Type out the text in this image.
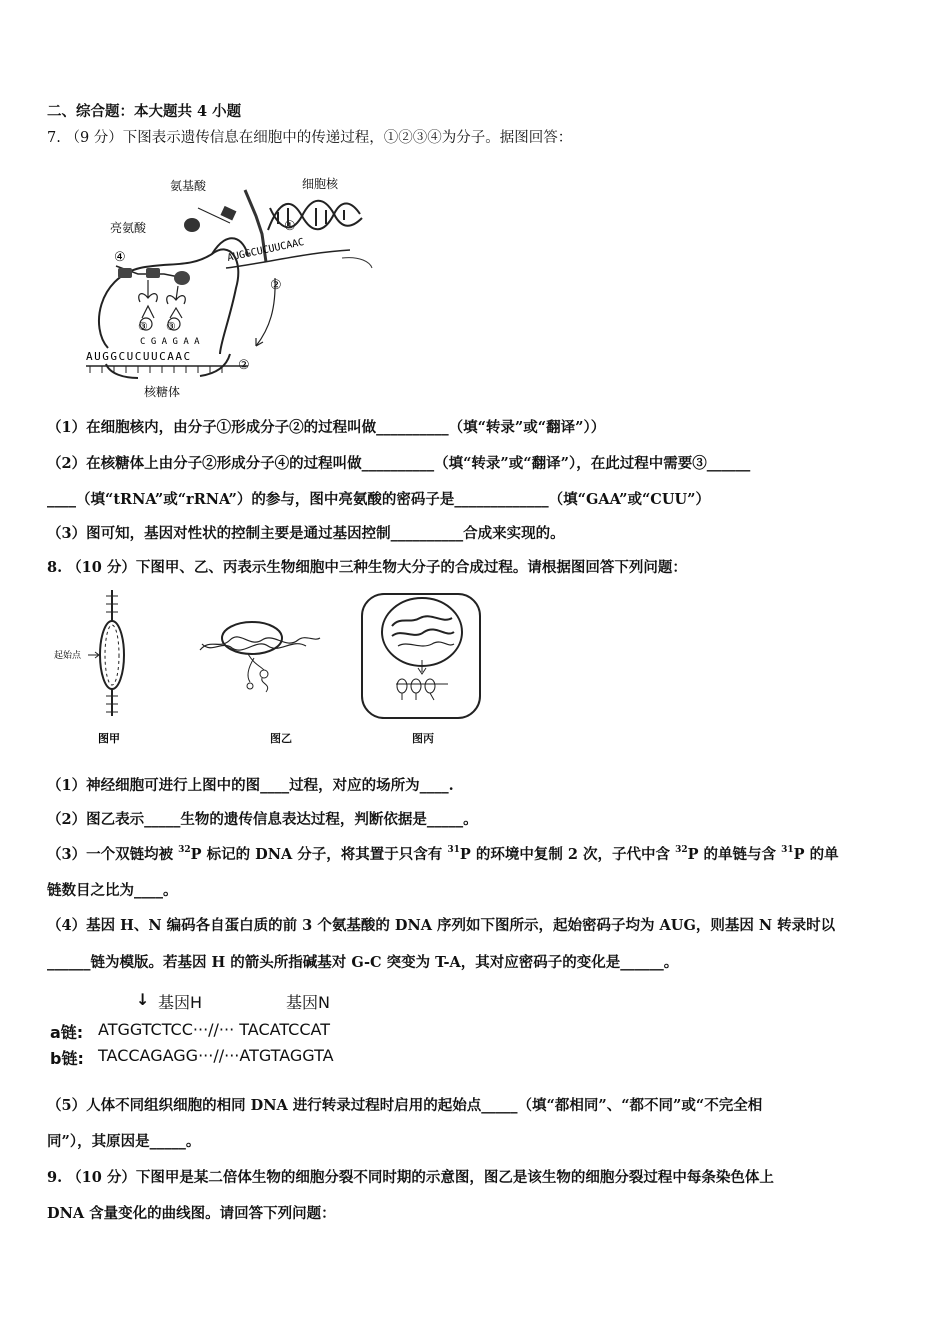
二、综合题：本大题共 4 小题
7. （9 分）下图表示遗传信息在细胞中的传递过程，①②③④为分子。据图回答：
氨基酸	细胞核
亮氨酸
核糖体
①
②
②
④
③ ③
AUGGCUCUUCAAC
C G A G A A
AUGGCUCUUCAAC
（1）在细胞核内，由分子①形成分子②的过程叫做__________（填“转录”或“翻译”））
（2）在核糖体上由分子②形成分子④的过程叫做__________（填“转录”或“翻译”），在此过程中需要③______
____（填“tRNA”或“rRNA”）的参与，图中亮氨酸的密码子是_____________（填“GAA”或“CUU”）
（3）图可知，基因对性状的控制主要是通过基因控制__________合成来实现的。
8. （10 分）下图甲、乙、丙表示生物细胞中三种生物大分子的合成过程。请根据图回答下列问题：
起始点
图甲	图乙	图丙
（1）神经细胞可进行上图中的图____过程，对应的场所为____.
（2）图乙表示_____生物的遗传信息表达过程，判断依据是_____。
（3）一个双链均被 $^{32}$P 标记的 DNA 分子，将其置于只含有 $^{31}$P 的环境中复制 2 次，子代中含 $^{32}$P 的单链与含 $^{31}$P 的单
链数目之比为____。
（4）基因 H、N 编码各自蛋白质的前 3 个氨基酸的 DNA 序列如下图所示，起始密码子均为 AUG，则基因 N 转录时以
______链为模版。若基因 H 的箭头所指碱基对 G-C 突变为 T-A，其对应密码子的变化是______。
↓ 基因H	基因N
a链: ATGGTCTCC···//··· TACATCCAT
b链: TACCAGAGG···//···ATGTAGGTA
（5）人体不同组织细胞的相同 DNA 进行转录过程时启用的起始点_____（填“都相同”、“都不同”或“不完全相
同”），其原因是_____。
9. （10 分）下图甲是某二倍体生物的细胞分裂不同时期的示意图，图乙是该生物的细胞分裂过程中每条染色体上
DNA 含量变化的曲线图。请回答下列问题：
